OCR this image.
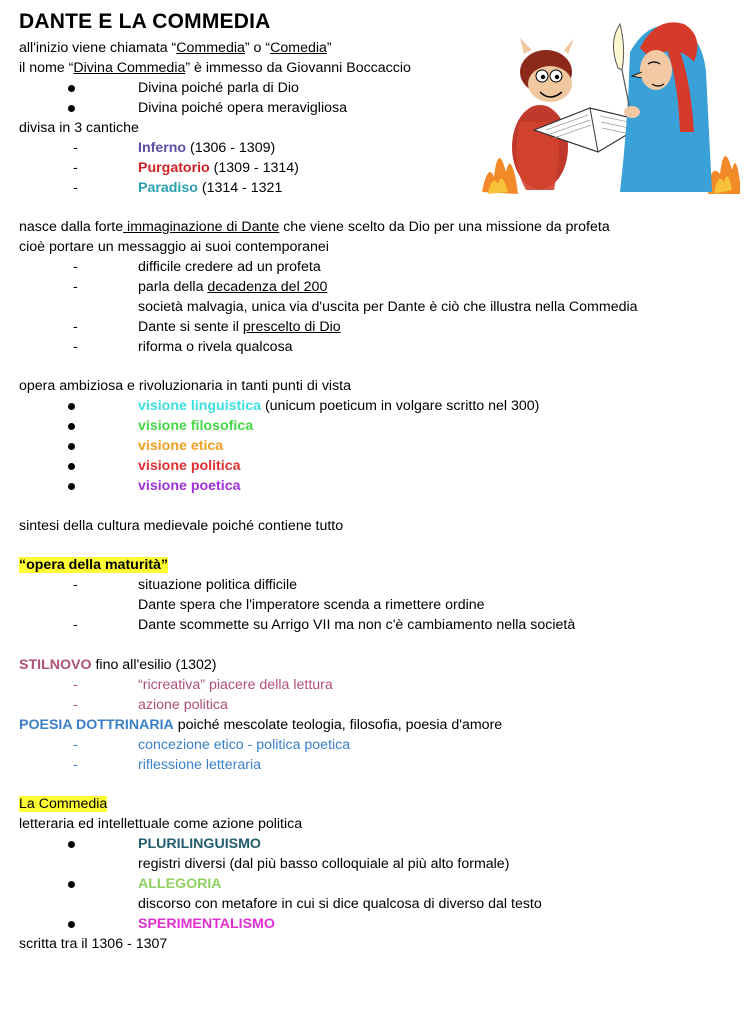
DANTE E LA COMMEDIA
all'inizio viene chiamata “Commedia” o “Comedia”
il nome “Divina Commedia” è immesso da Giovanni Boccaccio
Divina poiché parla di Dio
Divina poiché opera meravigliosa
divisa in 3 cantiche
-	Inferno (1306 - 1309)
-	Purgatorio (1309 - 1314)
-	Paradiso (1314 - 1321
nasce dalla forte immaginazione di Dante che viene scelto da Dio per una missione da profeta
cioè portare un messaggio ai suoi contemporanei
-	difficile credere ad un profeta
-	parla della decadenza del 200
società malvagia, unica via d'uscita per Dante è ciò che illustra nella Commedia
-	Dante si sente il prescelto di Dio
-	riforma o rivela qualcosa
opera ambiziosa e rivoluzionaria in tanti punti di vista
visione linguistica (unicum poeticum in volgare scritto nel 300)
visione filosofica
visione etica
visione politica
visione poetica
sintesi della cultura medievale poiché contiene tutto
“opera della maturità”
-	situazione politica difficile
Dante spera che l'imperatore scenda a rimettere ordine
-	Dante scommette su Arrigo VII ma non c'è cambiamento nella società
STILNOVO fino all'esilio (1302)
-	“ricreativa” piacere della lettura
-	azione politica
POESIA DOTTRINARIA poiché mescolate teologia, filosofia, poesia d'amore
-	concezione etico - politica poetica
-	riflessione letteraria
La Commedia
letteraria ed intellettuale come azione politica
PLURILINGUISMO
registri diversi (dal più basso colloquiale al più alto formale)
ALLEGORIA
discorso con metafore in cui si dice qualcosa di diverso dal testo
SPERIMENTALISMO
scritta tra il 1306 - 1307
